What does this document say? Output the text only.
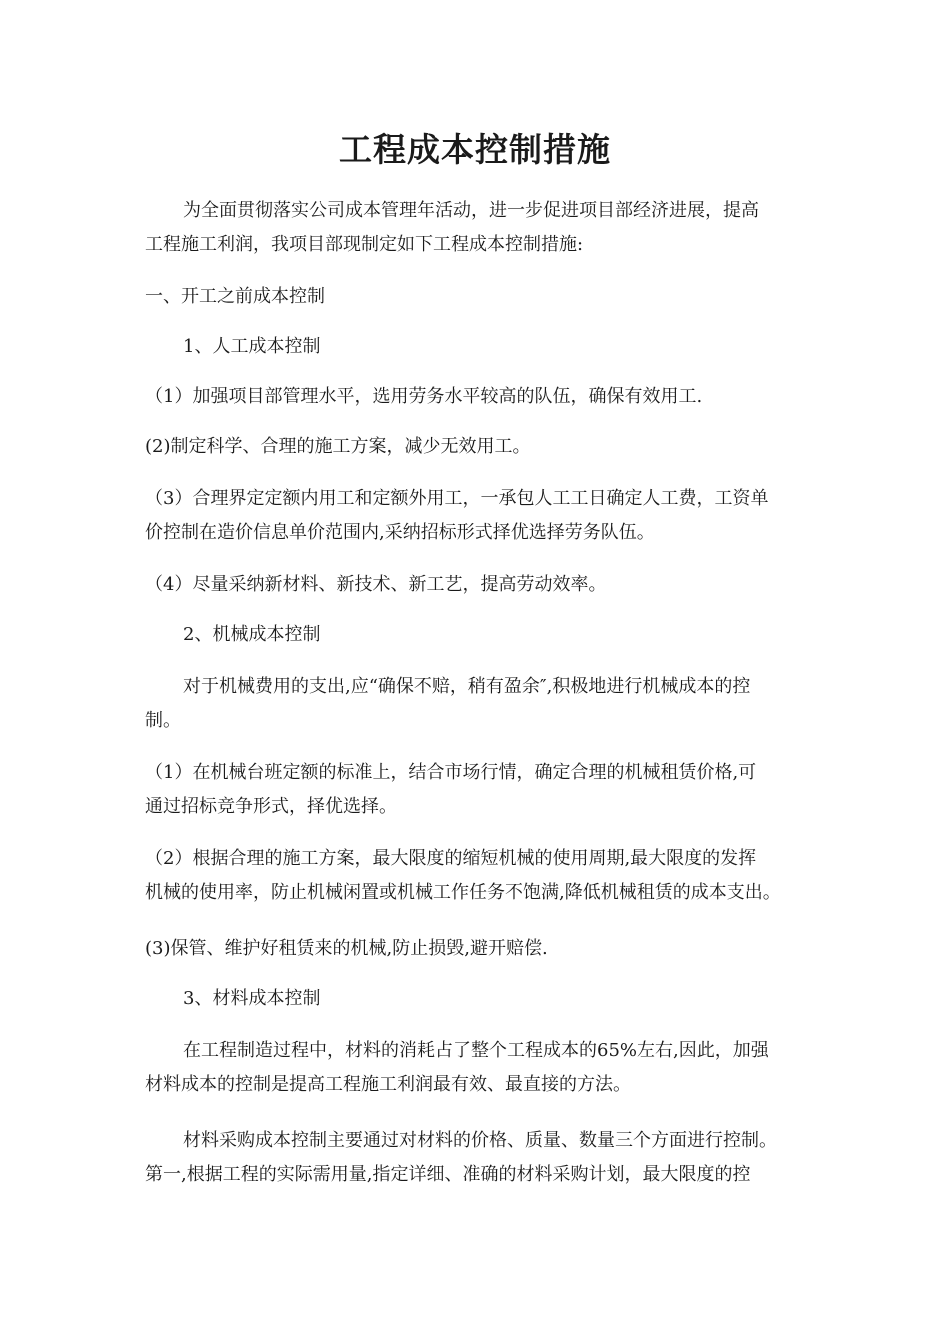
工程成本控制措施

为全面贯彻落实公司成本管理年活动，进一步促进项目部经济进展，提高
工程施工利润，我项目部现制定如下工程成本控制措施:

一、开工之前成本控制

1、人工成本控制

（1）加强项目部管理水平，选用劳务水平较高的队伍，确保有效用工.

(2)制定科学、合理的施工方案，减少无效用工。

（3）合理界定定额内用工和定额外用工，一承包人工工日确定人工费，工资单
价控制在造价信息单价范围内,采纳招标形式择优选择劳务队伍。

（4）尽量采纳新材料、新技术、新工艺，提高劳动效率。

2、机械成本控制

对于机械费用的支出,应“确保不赔，稍有盈余″,积极地进行机械成本的控
制。

（1）在机械台班定额的标准上，结合市场行情，确定合理的机械租赁价格,可
通过招标竞争形式，择优选择。

（2）根据合理的施工方案，最大限度的缩短机械的使用周期,最大限度的发挥
机械的使用率，防止机械闲置或机械工作任务不饱满,降低机械租赁的成本支出。

(3)保管、维护好租赁来的机械,防止损毁,避开赔偿.

3、材料成本控制

在工程制造过程中，材料的消耗占了整个工程成本的65%左右,因此，加强
材料成本的控制是提高工程施工利润最有效、最直接的方法。

材料采购成本控制主要通过对材料的价格、质量、数量三个方面进行控制。
第一,根据工程的实际需用量,指定详细、准确的材料采购计划，最大限度的控
